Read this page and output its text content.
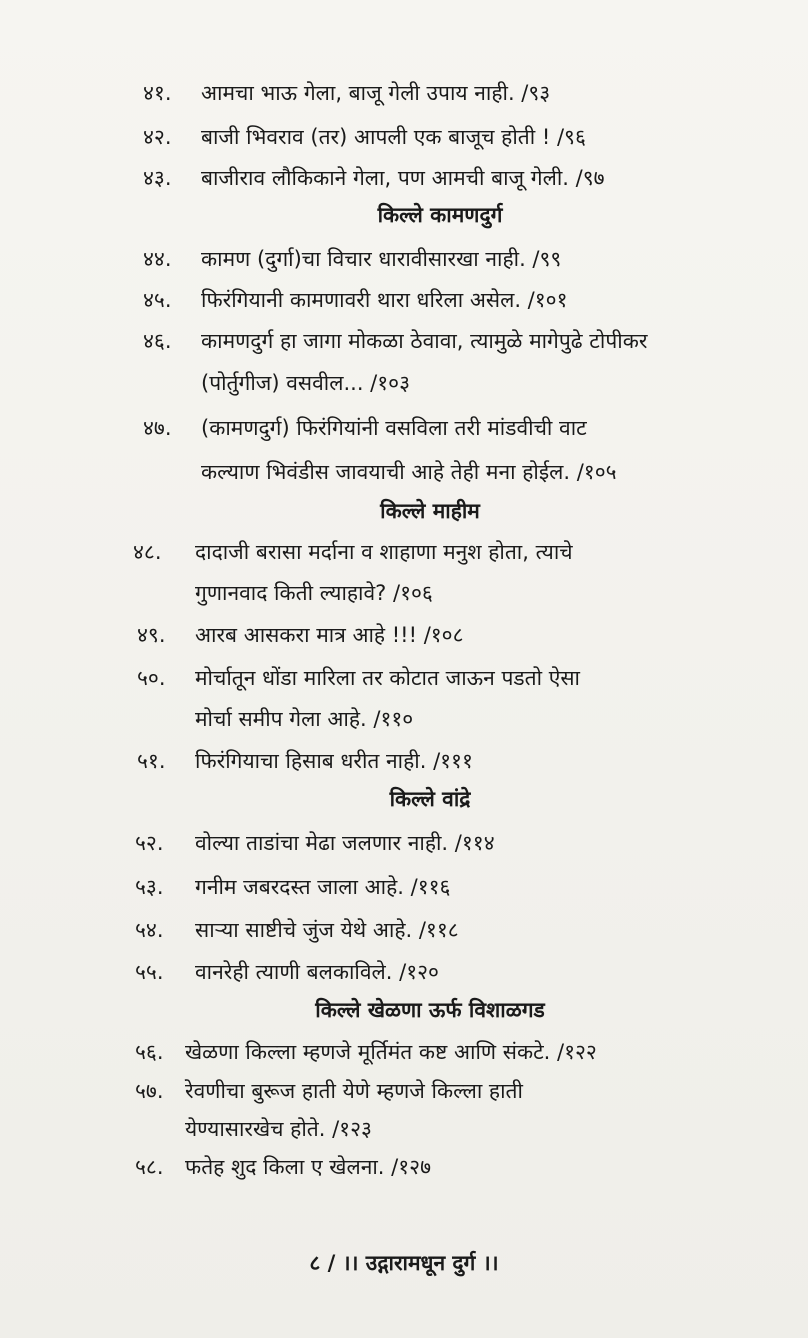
४१. आमचा भाऊ गेला, बाजू गेली उपाय नाही. /९३
४२. बाजी भिवराव (तर) आपली एक बाजूच होती ! /९६
४३. बाजीराव लौकिकाने गेला, पण आमची बाजू गेली. /९७
किल्ले कामणदुर्ग
४४. कामण (दुर्गा)चा विचार धारावीसारखा नाही. /९९
४५. फिरंगियानी कामणावरी थारा धरिला असेल. /१०१
४६. कामणदुर्ग हा जागा मोकळा ठेवावा, त्यामुळे मागेपुढे टोपीकर
(पोर्तुगीज) वसवील... /१०३
४७. (कामणदुर्ग) फिरंगियांनी वसविला तरी मांडवीची वाट
कल्याण भिवंडीस जावयाची आहे तेही मना होईल. /१०५
किल्ले माहीम
४८. दादाजी बरासा मर्दाना व शाहाणा मनुश होता, त्याचे
गुणानवाद किती ल्याहावे? /१०६
४९. आरब आसकरा मात्र आहे !!! /१०८
५०. मोर्चातून धोंडा मारिला तर कोटात जाऊन पडतो ऐसा
मोर्चा समीप गेला आहे. /११०
५१. फिरंगियाचा हिसाब धरीत नाही. /१११
किल्ले वांद्रे
५२. वोल्या ताडांचा मेढा जलणार नाही. /११४
५३. गनीम जबरदस्त जाला आहे. /११६
५४. साऱ्या साष्टीचे जुंज येथे आहे. /११८
५५. वानरेही त्याणी बलकाविले. /१२०
किल्ले खेळणा ऊर्फ विशाळगड
५६. खेळणा किल्ला म्हणजे मूर्तिमंत कष्ट आणि संकटे. /१२२
५७. रेवणीचा बुरूज हाती येणे म्हणजे किल्ला हाती
येण्यासारखेच होते. /१२३
५८. फतेह शुद किला ए खेलना. /१२७
८ / ।। उद्गारामधून दुर्ग ।।
